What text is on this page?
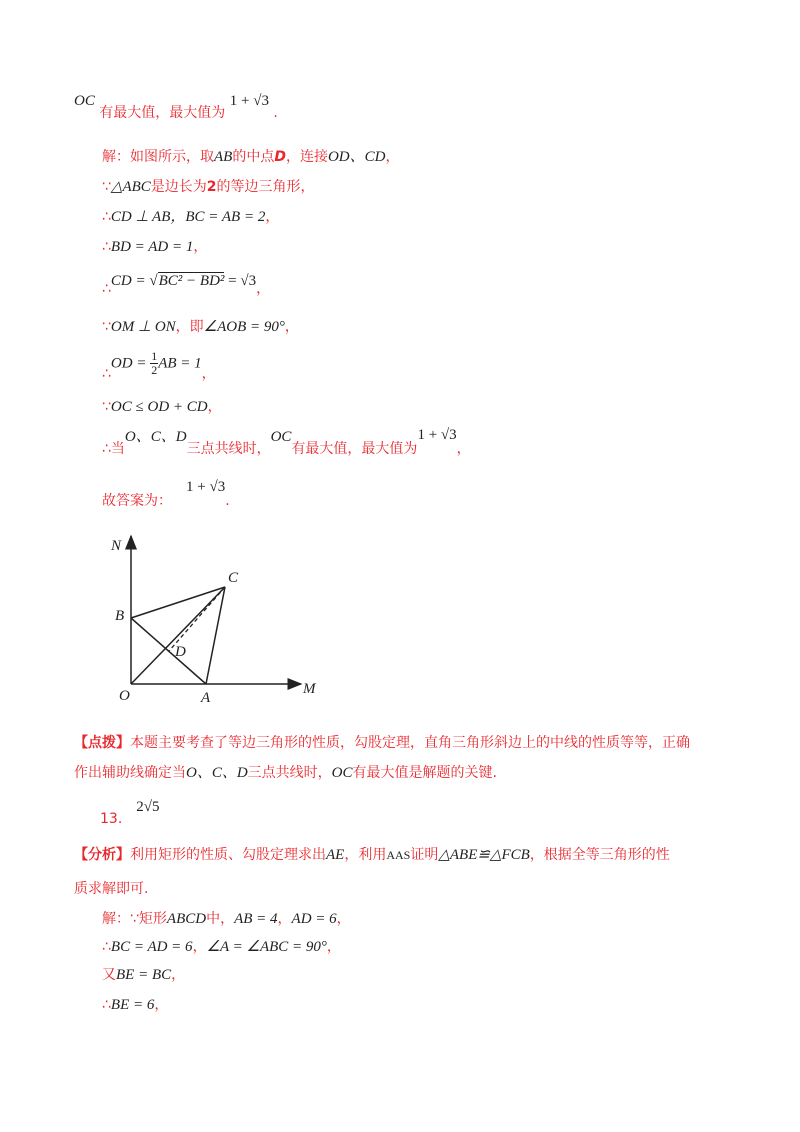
OC 有最大值，最大值为 1 + √3 .
解：如图所示，取AB的中点D，连接OD、CD，
∵△ABC是边长为2的等边三角形，
∴CD ⊥ AB，BC = AB = 2，
∴BD = AD = 1，
∴CD = √BC² − BD² = √3，
∵OM ⊥ ON，即∠AOB = 90°，
∴OD = $\frac{1}{2}$ AB = 1，
∵OC ≤ OD + CD，
∴当O、C、D三点共线时，OC有最大值，最大值为1 + √3，
故答案为：1 + √3.
N
C
B
D
O	A
M
【点拨】本题主要考查了等边三角形的性质，勾股定理，直角三角形斜边上的中线的性质等等，正确
作出辅助线确定当O、C、D三点共线时，OC有最大值是解题的关键.
13.2√5
【分析】利用矩形的性质、勾股定理求出AE，利用AAS证明△ABE≌△FCB，根据全等三角形的性
质求解即可.
解：∵矩形ABCD中，AB = 4，AD = 6，
∴BC = AD = 6，∠A = ∠ABC = 90°，
又BE = BC，
∴BE = 6，
